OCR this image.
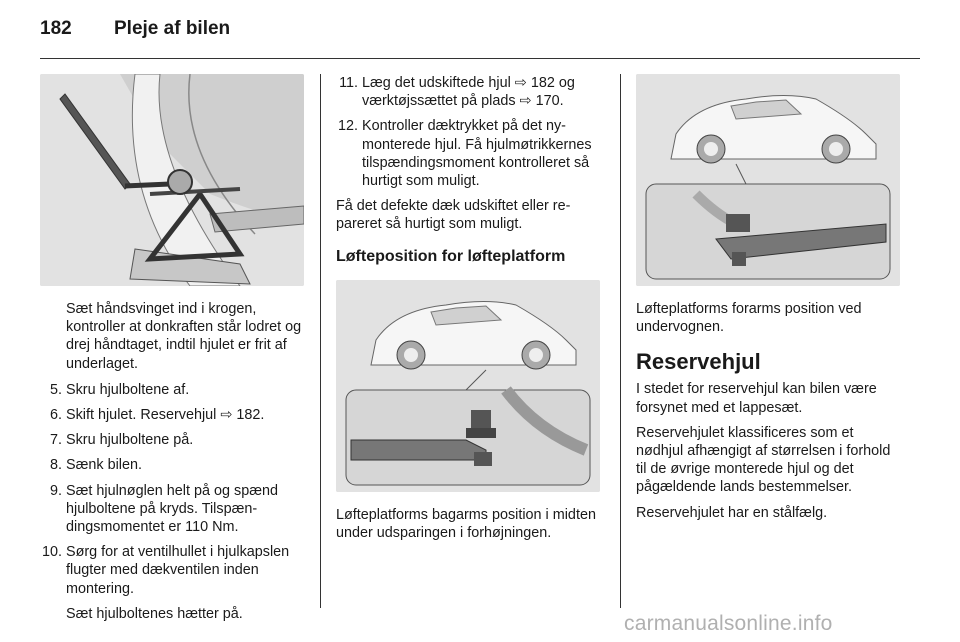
182 Pleje af bilen
Sæt håndsvinget ind i krogen, kontroller at donkraften står lodret og drej håndtaget, indtil hjulet er frit af underlaget.
5. Skru hjulboltene af.
6. Skift hjulet. Reservehjul ⇨ 182.
7. Skru hjulboltene på.
8. Sænk bilen.
9. Sæt hjulnøglen helt på og spænd hjulboltene på kryds. Tilspændingsmomentet er 110 Nm.
10. Sørg for at ventilhullet i hjulkapslen flugter med dækventilen inden montering.

Sæt hjulboltenes hætter på.

11. Læg det udskiftede hjul ⇨ 182 og værktøjssættet på plads ⇨ 170.
12. Kontroller dæktrykket på det nymonterede hjul. Få hjulmøtrikkernes tilspændingsmoment kontrolleret så hurtigt som muligt.

Få det defekte dæk udskiftet eller repareret så hurtigt som muligt.

Løfteposition for løfteplatform
Løfteplatforms bagarms position i midten under udsparingen i forhøjningen.
Løfteplatforms forarms position ved undervognen.
Reservehjul

I stedet for reservehjul kan bilen være forsynet med et lappesæt.

Reservehjulet klassificeres som et nødhjul afhængigt af størrelsen i forhold til de øvrige monterede hjul og det pågældende lands bestemmelser.

Reservehjulet har en stålfælg.

carmanualsonline.info
